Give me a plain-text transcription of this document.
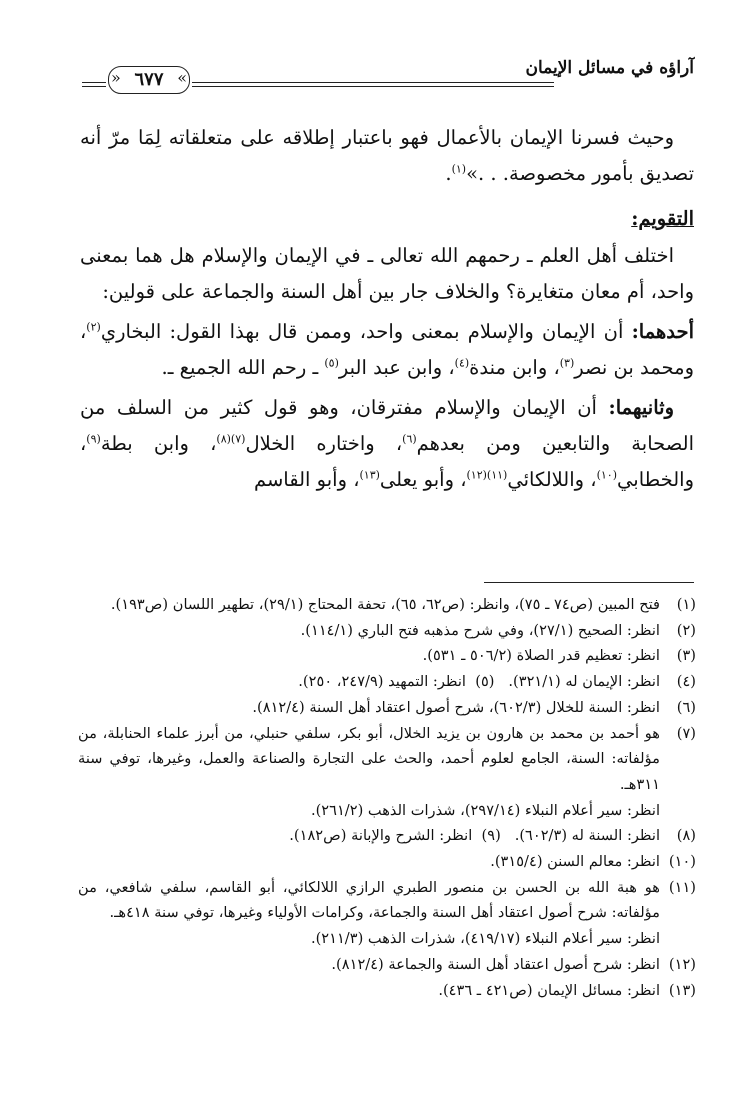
آراؤه في مسائل الإيمان
« ٦٧٧
»

وحيث فسرنا الإيمان بالأعمال فهو باعتبار إطلاقه على متعلقاته لِمَا مرّ أنه تصديق بأمور مخصوصة. . .»$^{(١)}$.

التقويم:

اختلف أهل العلم ـ رحمهم الله تعالى ـ في الإيمان والإسلام هل هما بمعنى واحد، أم معان متغايرة؟ والخلاف جار بين أهل السنة والجماعة على قولين:

أحدهما: أن الإيمان والإسلام بمعنى واحد، وممن قال بهذا القول: البخاري$^{(٢)}$، ومحمد بن نصر$^{(٣)}$، وابن مندة$^{(٤)}$، وابن عبد البر$^{(٥)}$ ـ رحم الله الجميع ـ.

وثانيهما: أن الإيمان والإسلام مفترقان، وهو قول كثير من السلف من الصحابة والتابعين ومن بعدهم$^{(٦)}$، واختاره الخلال$^{(٧)(٨)}$، وابن بطة$^{(٩)}$، والخطابي$^{(١٠)}$، واللالكائي$^{(١١)(١٢)}$، وأبو يعلى$^{(١٣)}$، وأبو القاسم

(١)
فتح المبين (ص٧٤ ـ ٧٥)، وانظر: (ص٦٢، ٦٥)، تحفة المحتاج (٢٩/١)، تطهير اللسان (ص١٩٣).
(٢)
انظر: الصحيح (٢٧/١)، وفي شرح مذهبه فتح الباري (١١٤/١).
(٣)
انظر: تعظيم قدر الصلاة (٥٠٦/٢ ـ ٥٣١).
(٤)
انظر: الإيمان له (٣٢١/١).   (٥)  انظر: التمهيد (٢٤٧/٩، ٢٥٠).
(٦)
انظر: السنة للخلال (٦٠٢/٣)، شرح أصول اعتقاد أهل السنة (٨١٢/٤).
(٧)
هو أحمد بن محمد بن هارون بن يزيد الخلال، أبو بكر، سلفي حنبلي، من أبرز علماء الحنابلة، من مؤلفاته: السنة، الجامع لعلوم أحمد، والحث على التجارة والصناعة والعمل، وغيرها، توفي سنة ٣١١هـ.
انظر: سير أعلام النبلاء (٢٩٧/١٤)، شذرات الذهب (٢٦١/٢).
(٨)
انظر: السنة له (٦٠٢/٣).   (٩)  انظر: الشرح والإبانة (ص١٨٢).
(١٠)
انظر: معالم السنن (٣١٥/٤).
(١١)
هو هبة الله بن الحسن بن منصور الطبري الرازي اللالكائي، أبو القاسم، سلفي شافعي، من مؤلفاته: شرح أصول اعتقاد أهل السنة والجماعة، وكرامات الأولياء وغيرها، توفي سنة ٤١٨هـ.
انظر: سير أعلام النبلاء (٤١٩/١٧)، شذرات الذهب (٢١١/٣).
(١٢)
انظر: شرح أصول اعتقاد أهل السنة والجماعة (٨١٢/٤).
(١٣)
انظر: مسائل الإيمان (ص٤٢١ ـ ٤٣٦).
